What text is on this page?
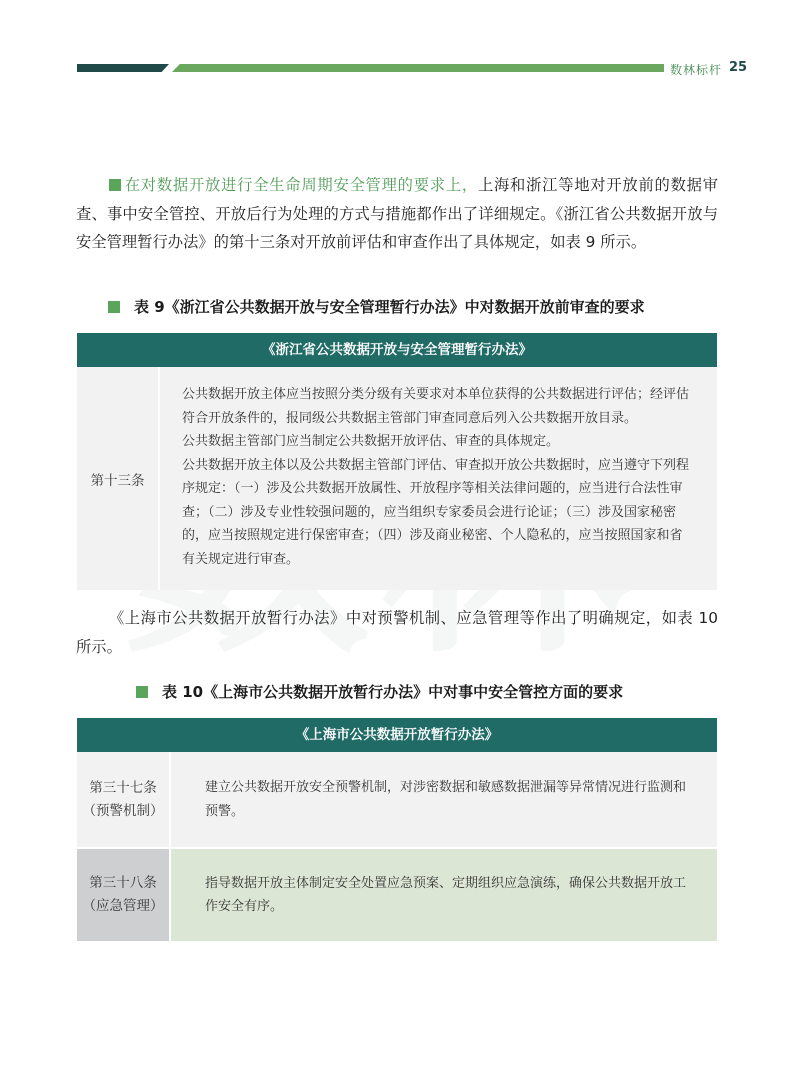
数林标杆 25
在对数据开放进行全生命周期安全管理的要求上，上海和浙江等地对开放前的数据审查、事中安全管控、开放后行为处理的方式与措施都作出了详细规定。《浙江省公共数据开放与安全管理暂行办法》的第十三条对开放前评估和审查作出了具体规定，如表 9 所示。
表 9《浙江省公共数据开放与安全管理暂行办法》中对数据开放前审查的要求
《浙江省公共数据开放与安全管理暂行办法》
第十三条

公共数据开放主体应当按照分类分级有关要求对本单位获得的公共数据进行评估；经评估符合开放条件的，报同级公共数据主管部门审查同意后列入公共数据开放目录。

公共数据主管部门应当制定公共数据开放评估、审查的具体规定。

公共数据开放主体以及公共数据主管部门评估、审查拟开放公共数据时，应当遵守下列程序规定：（一）涉及公共数据开放属性、开放程序等相关法律问题的，应当进行合法性审查；（二）涉及专业性较强问题的，应当组织专家委员会进行论证；（三）涉及国家秘密的，应当按照规定进行保密审查；（四）涉及商业秘密、个人隐私的，应当按照国家和省有关规定进行审查。

《上海市公共数据开放暂行办法》中对预警机制、应急管理等作出了明确规定，如表 10 所示。
表 10《上海市公共数据开放暂行办法》中对事中安全管控方面的要求
《上海市公共数据开放暂行办法》
第三十七条
（预警机制）
建立公共数据开放安全预警机制，对涉密数据和敏感数据泄漏等异常情况进行监测和预警。
第三十八条
（应急管理）
指导数据开放主体制定安全处置应急预案、定期组织应急演练，确保公共数据开放工作安全有序。
